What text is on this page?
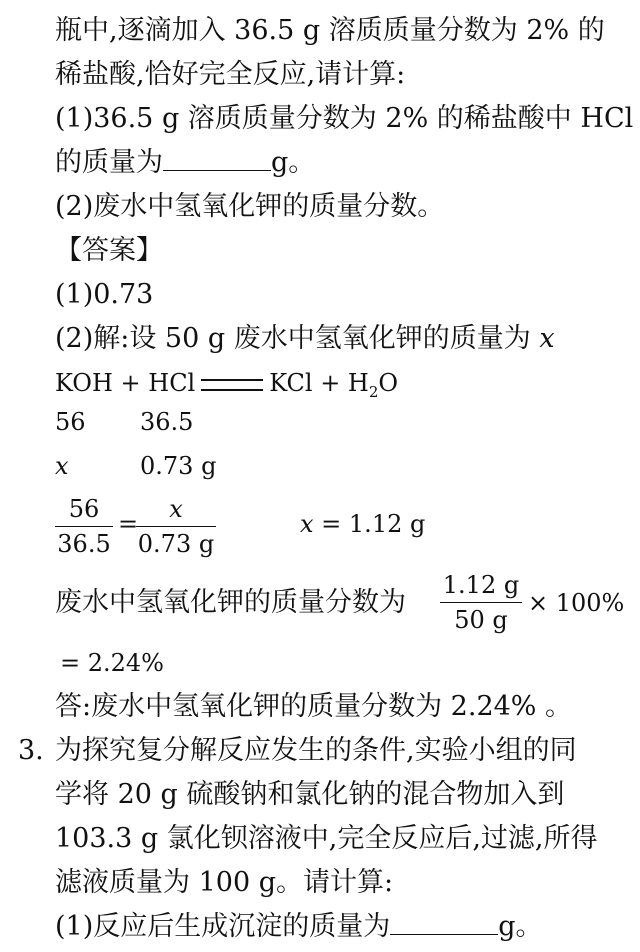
瓶中,逐滴加入 36.5 g 溶质质量分数为 2% 的
稀盐酸,恰好完全反应,请计算:
(1)36.5 g 溶质质量分数为 2% 的稀盐酸中 HCl
的质量为	g。
(2)废水中氢氧化钾的质量分数。
【答案】
(1)0.73
(2)解:设 50 g 废水中氢氧化钾的质量为 x
KOH + HCl	KCl + $H_2O$
56 36.5
x	0.73 g
56
36.5
=
x
0.73 g
x = 1.12 g
废水中氢氧化钾的质量分数为
1.12 g
50 g
× 100%
= 2.24%
答:废水中氢氧化钾的质量分数为 2.24% 。
3. 为探究复分解反应发生的条件,实验小组的同
学将 20 g 硫酸钠和氯化钠的混合物加入到
103.3 g 氯化钡溶液中,完全反应后,过滤,所得
滤液质量为 100 g。请计算:
(1)反应后生成沉淀的质量为	g。
